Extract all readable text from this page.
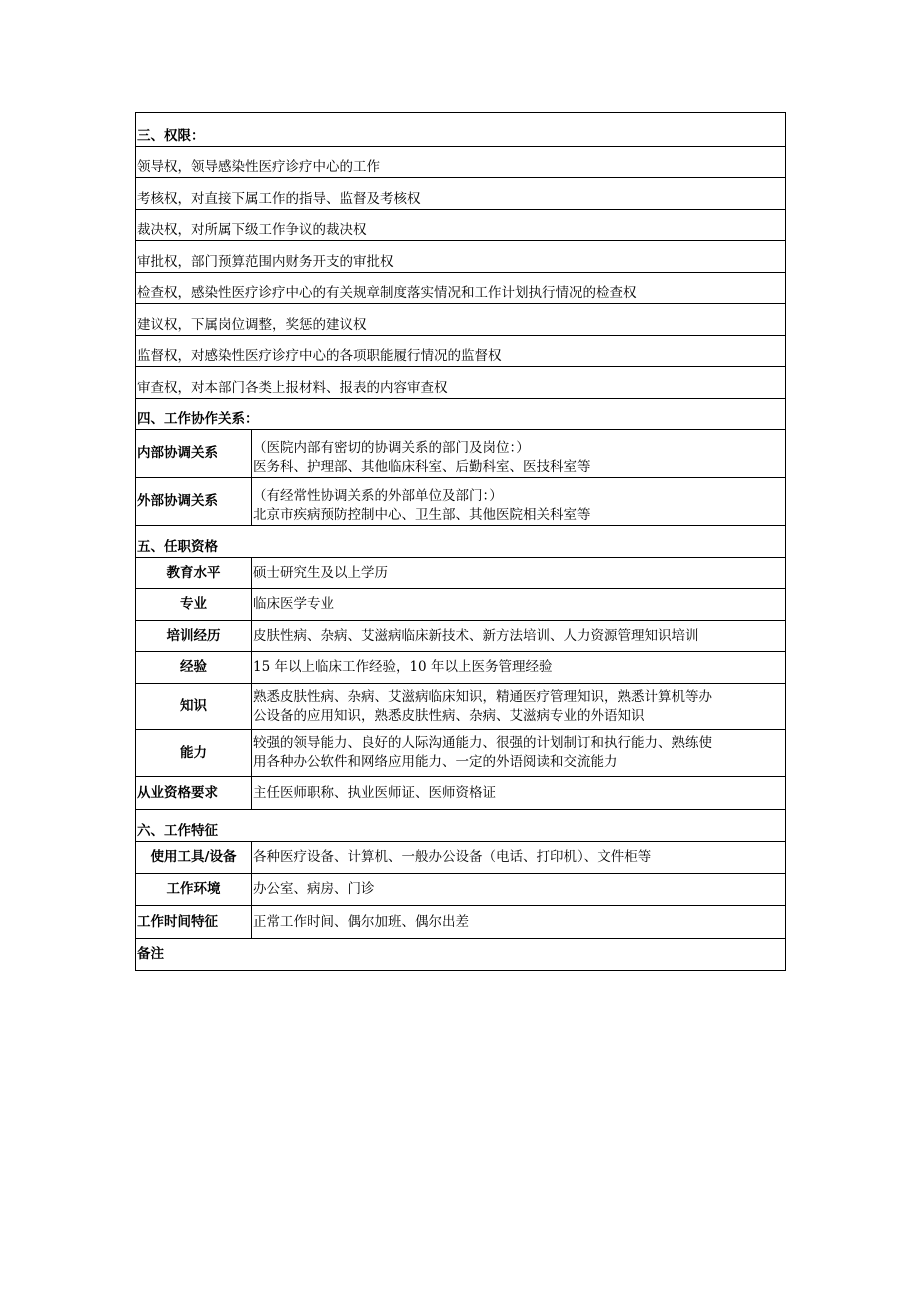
三、权限：	
领导权，领导感染性医疗诊疗中心的工作	
考核权，对直接下属工作的指导、监督及考核权	
裁决权，对所属下级工作争议的裁决权	
审批权，部门预算范围内财务开支的审批权	
检查权，感染性医疗诊疗中心的有关规章制度落实情况和工作计划执行情况的检查权	
建议权，下属岗位调整，奖惩的建议权	
监督权，对感染性医疗诊疗中心的各项职能履行情况的监督权	
审查权，对本部门各类上报材料、报表的内容审查权	
四、工作协作关系：	
内部协调关系	（医院内部有密切的协调关系的部门及岗位：）
医务科、护理部、其他临床科室、后勤科室、医技科室等

外部协调关系	（有经常性协调关系的外部单位及部门：）
北京市疾病预防控制中心、卫生部、其他医院相关科室等

五、任职资格	
教育水平	硕士研究生及以上学历
专业	临床医学专业
培训经历	皮肤性病、杂病、艾滋病临床新技术、新方法培训、人力资源管理知识培训
经验	15 年以上临床工作经验，10 年以上医务管理经验
知识	熟悉皮肤性病、杂病、艾滋病临床知识，精通医疗管理知识，熟悉计算机等办
公设备的应用知识，熟悉皮肤性病、杂病、艾滋病专业的外语知识

能力	较强的领导能力、良好的人际沟通能力、很强的计划制订和执行能力、熟练使
用各种办公软件和网络应用能力、一定的外语阅读和交流能力

从业资格要求	主任医师职称、执业医师证、医师资格证
六、工作特征	
使用工具/设备	各种医疗设备、计算机、一般办公设备（电话、打印机）、文件柜等
工作环境	办公室、病房、门诊
工作时间特征	正常工作时间、偶尔加班、偶尔出差
备注	
